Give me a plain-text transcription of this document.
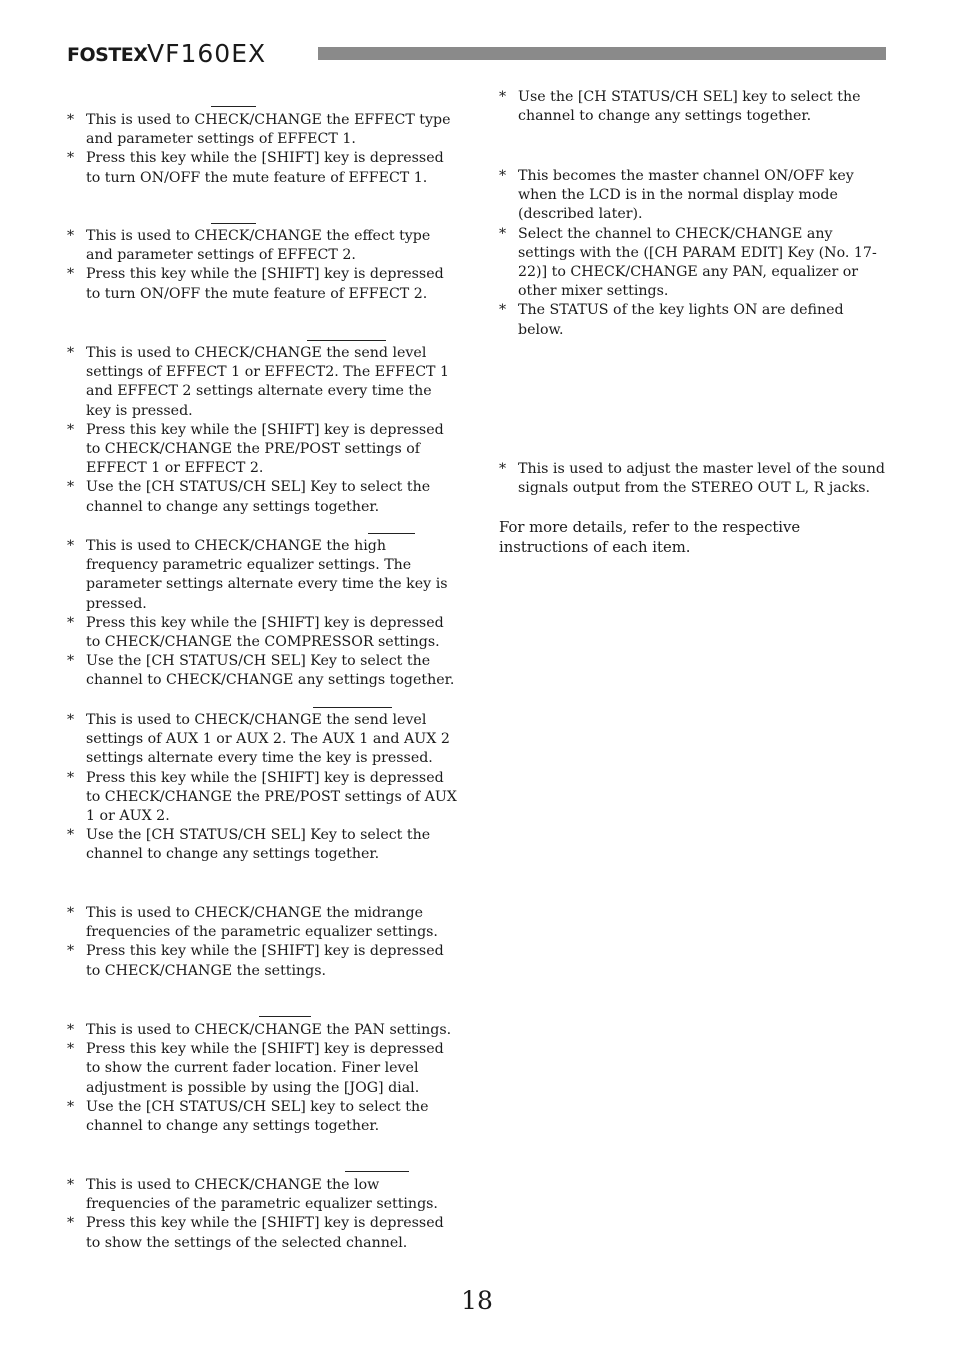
FOSTEX VF160EX
* This is used to CHECK/CHANGE the EFFECT type and parameter settings of EFFECT 1.
* Press this key while the [SHIFT] key is depressed to turn ON/OFF the mute feature of EFFECT 1.
* This is used to CHECK/CHANGE the effect type and parameter settings of EFFECT 2.
* Press this key while the [SHIFT] key is depressed to turn ON/OFF the mute feature of EFFECT 2.
* This is used to CHECK/CHANGE the send level settings of EFFECT 1 or EFFECT2. The EFFECT 1 and EFFECT 2 settings alternate every time the key is pressed.
* Press this key while the [SHIFT] key is depressed to CHECK/CHANGE the PRE/POST settings of EFFECT 1 or EFFECT 2.
* Use the [CH STATUS/CH SEL] Key to select the channel to change any settings together.
* This is used to CHECK/CHANGE the high frequency parametric equalizer settings. The parameter settings alternate every time the key is pressed.
* Press this key while the [SHIFT] key is depressed to CHECK/CHANGE the COMPRESSOR settings.
* Use the [CH STATUS/CH SEL] Key to select the channel to CHECK/CHANGE any settings together.
* This is used to CHECK/CHANGE the send level settings of AUX 1 or AUX 2. The AUX 1 and AUX 2 settings alternate every time the key is pressed.
* Press this key while the [SHIFT] key is depressed to CHECK/CHANGE the PRE/POST settings of AUX 1 or AUX 2.
* Use the [CH STATUS/CH SEL] Key to select the channel to change any settings together.
* This is used to CHECK/CHANGE the midrange frequencies of the parametric equalizer settings.
* Press this key while the [SHIFT] key is depressed to CHECK/CHANGE the settings.
* This is used to CHECK/CHANGE the PAN settings.
* Press this key while the [SHIFT] key is depressed to show the current fader location. Finer level adjustment is possible by using the [JOG] dial.
* Use the [CH STATUS/CH SEL] key to select the channel to change any settings together.
* This is used to CHECK/CHANGE the low frequencies of the parametric equalizer settings.
* Press this key while the [SHIFT] key is depressed to show the settings of the selected channel.
* Use the [CH STATUS/CH SEL] key to select the channel to change any settings together.
* This becomes the master channel ON/OFF key when the LCD is in the normal display mode (described later).
* Select the channel to CHECK/CHANGE any settings with the ([CH PARAM EDIT] Key (No. 17-22)] to CHECK/CHANGE any PAN, equalizer or other mixer settings.
* The STATUS of the key lights ON are defined below.
* This is used to adjust the master level of the sound signals output from the STEREO OUT L, R jacks.
For more details, refer to the respective instructions of each item.
18
